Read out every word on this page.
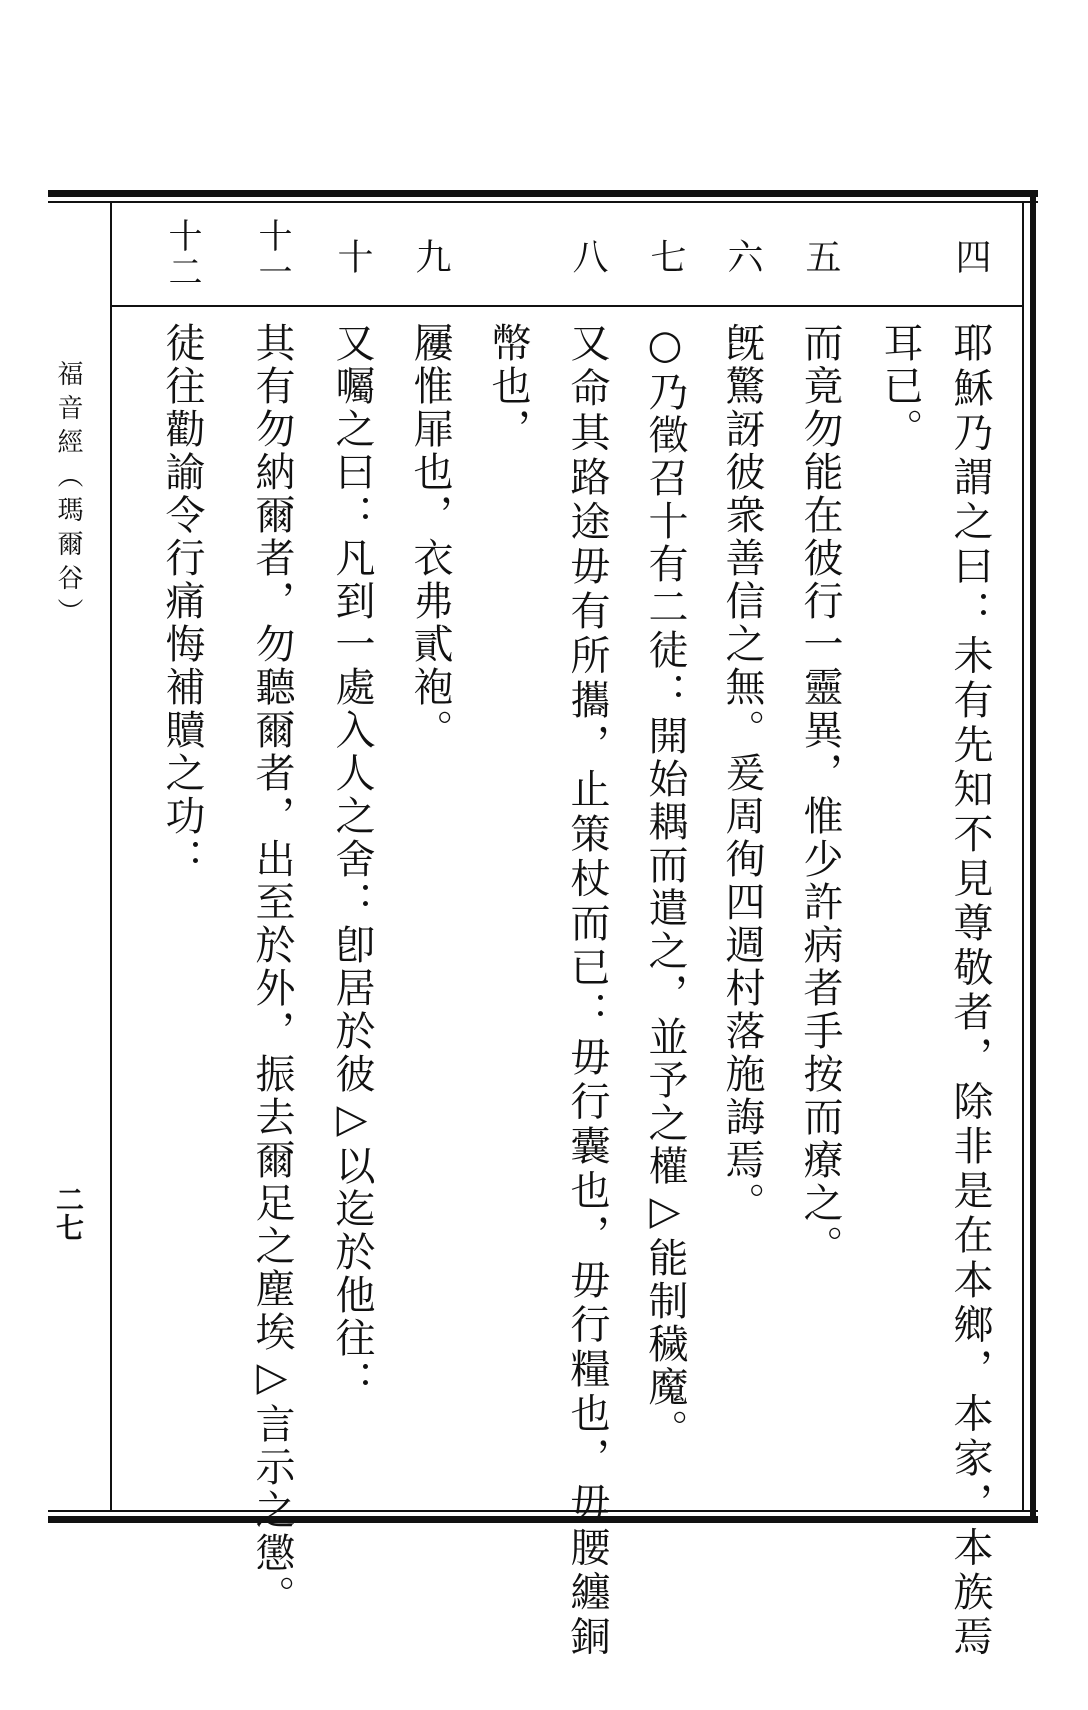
福音經（瑪爾谷）
二七
四
五
六
七
八
九
十
十一
十二
耶穌乃謂之曰：未有先知不見尊敬者，除非是在本鄉，本家，本族焉
耳已。
而竟勿能在彼行一靈異，惟少許病者手按而療之。
旣驚訝彼衆善信之無。爰周徇四週村落施誨焉。
○乃徵召十有二徒：開始耦而遣之，並予之權▷能制穢魔。
又命其路途毋有所攜，止策杖而已：毋行囊也，毋行糧也，毋腰纏銅
幣也，
屨惟屝也，衣弗貳袍。
又囑之曰：凡到一處入人之舍：卽居於彼▷以迄於他往：
其有勿納爾者，勿聽爾者，出至於外，振去爾足之塵埃▷言示之懲。
徒往勸諭令行痛悔補贖之功：
